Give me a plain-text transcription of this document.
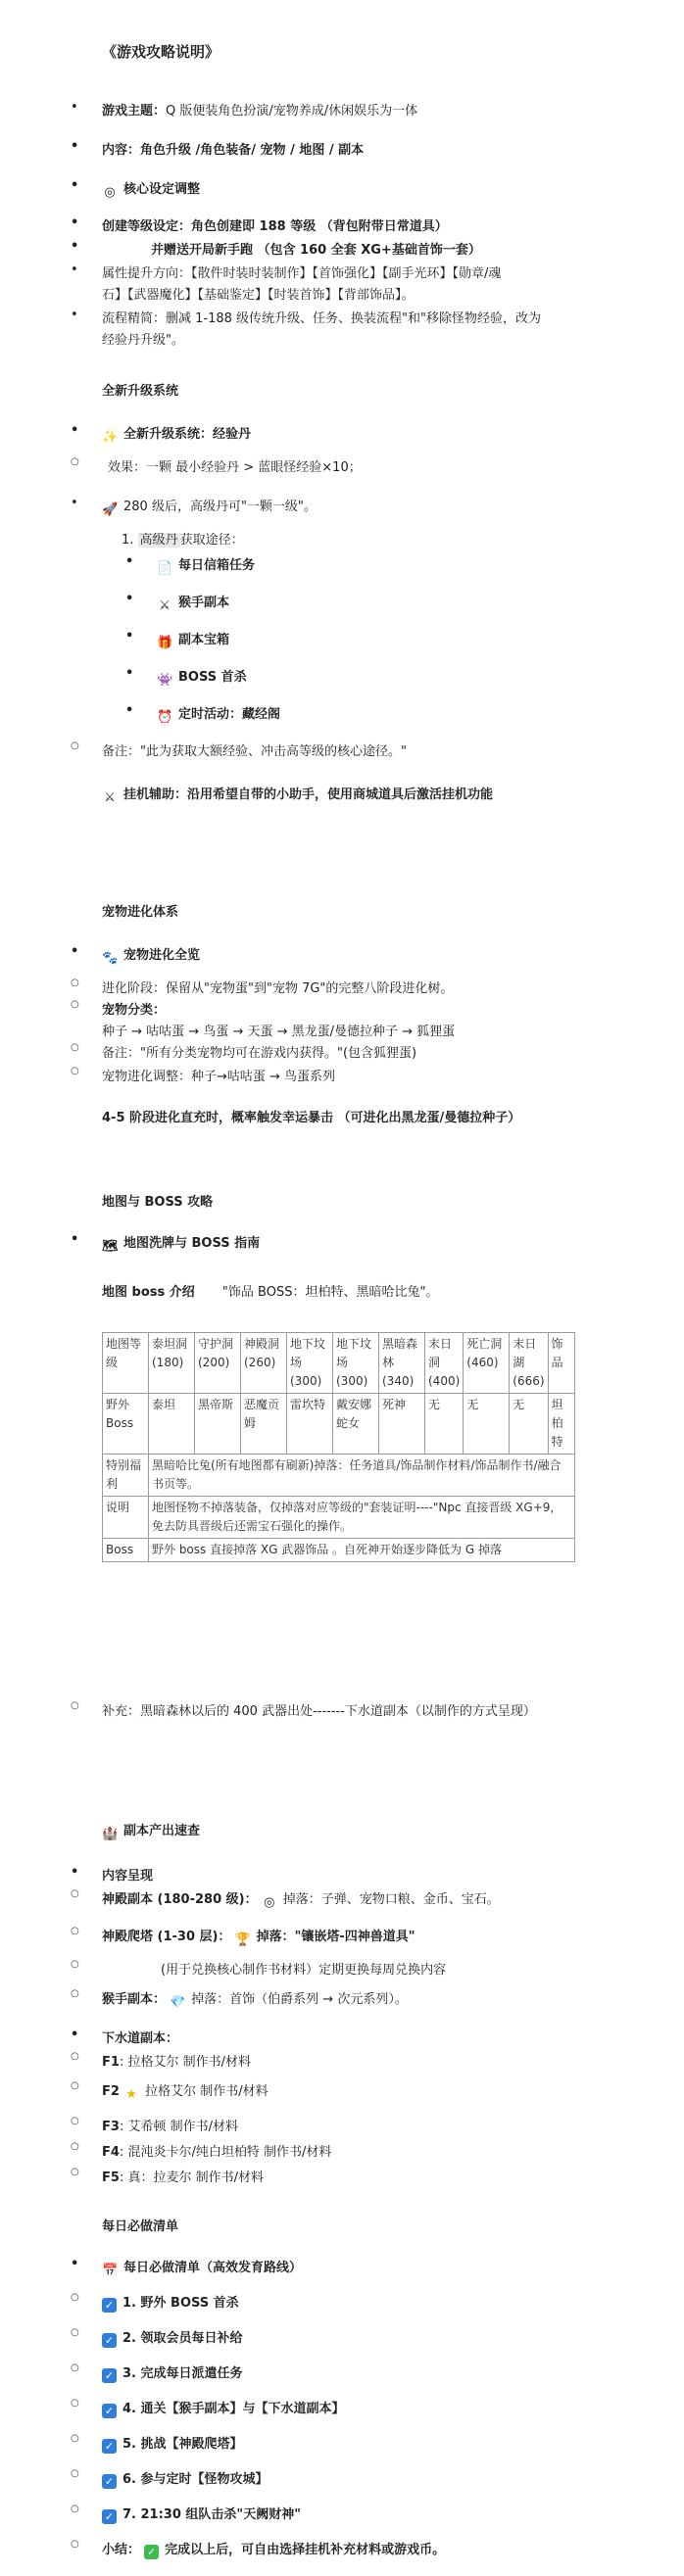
《游戏攻略说明》
• 游戏主题：Q 版便装角色扮演/宠物养成/休闲娱乐为一体
• 内容：角色升级 /角色装备/ 宠物 / 地图 / 副本
• ◎ 核心设定调整
• 创建等级设定：角色创建即 188 等级 （背包附带日常道具）
• 并赠送开局新手跑 （包含 160 全套 XG+基础首饰一套）
• 属性提升方向：【散件时装时装制作】【首饰强化】【副手光环】【勋章/魂
石】【武器魔化】【基础鉴定】【时装首饰】【背部饰品】。
• 流程精简：删减 1-188 级传统升级、任务、换装流程"和"移除怪物经验，改为
经验丹升级"。
全新升级系统
• ✨ 全新升级系统：经验丹
○ 效果：一颗 最小经验丹 > 蓝眼怪经验×10；
• 🚀 280 级后，高级丹可"一颗一级"。
1. 高级丹 获取途径：
• 📄 每日信箱任务
• ⚔ 猴手副本
• 🎁 副本宝箱
• 👾 BOSS 首杀
• ⏰ 定时活动：藏经阁
○ 备注："此为获取大额经验、冲击高等级的核心途径。"
⚔ 挂机辅助：沿用希望自带的小助手，使用商城道具后激活挂机功能
宠物进化体系
• 🐾 宠物进化全览
○ 进化阶段：保留从"宠物蛋"到"宠物 7G"的完整八阶段进化树。
○ 宠物分类：
种子 → 咕咕蛋 → 鸟蛋 → 天蛋 → 黑龙蛋/曼德拉种子 → 狐狸蛋
○ 备注："所有分类宠物均可在游戏内获得。"(包含狐狸蛋)
○ 宠物进化调整：种子→咕咕蛋 → 鸟蛋系列
4-5 阶段进化直充时，概率触发幸运暴击 （可进化出黑龙蛋/曼德拉种子）
地图与 BOSS 攻略
• 🗺 地图洗牌与 BOSS 指南
地图 boss 介绍 "饰品 BOSS：坦柏特、黑暗哈比兔"。
地图等级	泰坦洞(180)	守护洞(200)	神殿洞(260)	地下坟场(300)	地下坟场(300)	黑暗森林(340)	末日洞(400)	死亡洞(460)	末日湖(666)	饰品
野外Boss	泰坦	黑帝斯	恶魔贡姆	雷坎特	戴安娜蛇女	死神	无	无	无	坦柏特
特别福利	黑暗哈比兔(所有地图都有刷新)掉落：任务道具/饰品制作材料/饰品制作书/融合书页等。									
说明	地图怪物不掉落装备，仅掉落对应等级的"套装证明----"Npc 直接晋级 XG+9，免去防具晋级后还需宝石强化的操作。									
Boss	野外 boss 直接掉落 XG 武器饰品 。自死神开始逐步降低为 G 掉落									
○ 补充：黑暗森林以后的 400 武器出处-------下水道副本（以制作的方式呈现）
🏰 副本产出速查
• 内容呈现
○ 神殿副本 (180-280 级)： ◎ 掉落：子弹、宠物口粮、金币、宝石。
○ 神殿爬塔 (1-30 层)： 🏆 掉落："镶嵌塔-四神兽道具"
○ (用于兑换核心制作书材料）定期更换每周兑换内容
○ 猴手副本： 💎 掉落：首饰（伯爵系列 → 次元系列）。
• 下水道副本：
○ F1: 拉格艾尔 制作书/材料
○ F2 ★ 拉格艾尔 制作书/材料
○ F3: 艾希顿 制作书/材料
○ F4: 混沌炎卡尔/纯白坦柏特 制作书/材料
○ F5: 真：拉麦尔 制作书/材料
每日必做清单
• 📅 每日必做清单（高效发育路线）
○ ✓ 1. 野外 BOSS 首杀
○ ✓ 2. 领取会员每日补给
○ ✓ 3. 完成每日派遣任务
○ ✓ 4. 通关【猴手副本】与【下水道副本】
○ ✓ 5. 挑战【神殿爬塔】
○ ✓ 6. 参与定时【怪物攻城】
○ ✓ 7. 21:30 组队击杀"天阙财神"
○ 小结： ✓ 完成以上后，可自由选择挂机补充材料或游戏币。
